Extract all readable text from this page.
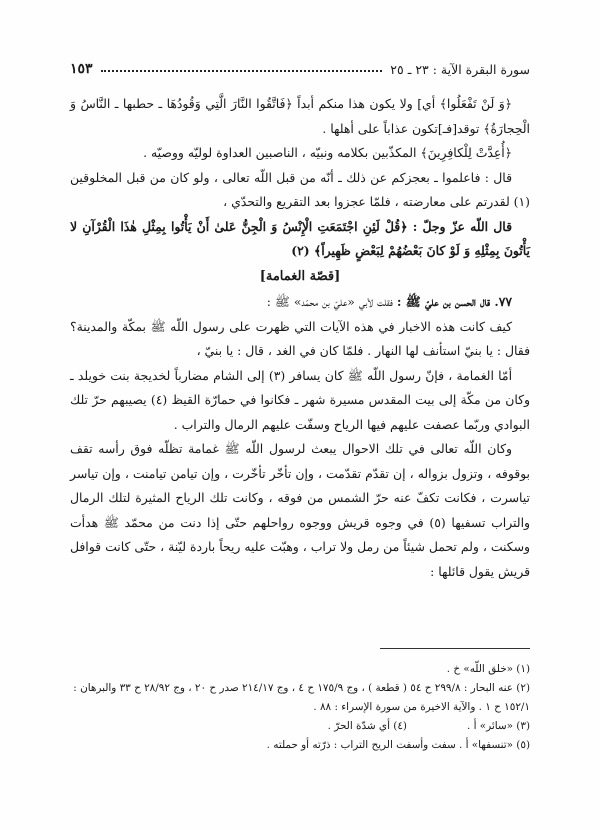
سورة البقرة الآية : ٢٣ ـ ٢٥
١٥٣

﴿وَ لَنْ تَفْعَلُوا﴾ أي] ولا يكون هذا منكم أبداً ﴿فَاتَّقُوا النَّارَ الَّتِي وَقُودُهَا ـ حطبها ـ النَّاسُ وَ الْحِجارَةُ﴾ توقد[فـ]تكون عذاباً على أهلها .

﴿أُعِدَّتْ لِلْكافِرِينَ﴾ المكذّبين بكلامه ونبيّه ، الناصبين العداوة لوليّه ووصيّه .

قال : فاعلموا ـ بعجزكم عن ذلك ـ أنّه من قبل اللّه تعالى ، ولو كان من قبل المخلوقين (١) لقدرتم على معارضته ، فلمّا عجزوا بعد التقريع والتحدّي ،

قال اللّه عزّ وجلّ : ﴿قُلْ لَئِنِ اجْتَمَعَتِ الْإِنْسُ وَ الْجِنُّ عَلىٰ أَنْ يَأْتُوا بِمِثْلِ هٰذَا الْقُرْآنِ لا يَأْتُونَ بِمِثْلِهِ وَ لَوْ كانَ بَعْضُهُمْ لِبَعْضٍ ظَهِيراً﴾ (٢)

[قصّة الغمامة]

٧٧. قال الحسن بن عليّ ﷺ : فقلت لأبي «عليّ بن محمّد» ﷺ :

كيف كانت هذه الاخبار في هذه الآيات التي ظهرت على رسول اللّه ﷺ بمكّة والمدينة؟ فقال : يا بنيّ استأنف لها النهار . فلمّا كان في الغد ، قال : يا بنيّ ،

أمّا الغمامة ، فإنّ رسول اللّه ﷺ كان يسافر (٣) إلى الشام مضارباً لخديجة بنت خويلد ـ وكان من مكّة إلى بيت المقدس مسيرة شهر ـ فكانوا في حمارّة القيظ (٤) يصيبهم حرّ تلك البوادي وربّما عصفت عليهم فيها الرياح وسفّت عليهم الرمال والتراب .

وكان اللّه تعالى في تلك الاحوال يبعث لرسول اللّه ﷺ غمامة تظلّه فوق رأسه تقف بوقوفه ، وتزول بزواله ، إن تقدّم تقدّمت ، وإن تأخّر تأخّرت ، وإن تيامن تيامنت ، وإن تياسر تياسرت ، فكانت تكفّ عنه حرّ الشمس من فوقه ، وكانت تلك الرياح المثيرة لتلك الرمال والتراب تسفيها (٥) في وجوه قريش ووجوه رواحلهم حتّى إذا دنت من محمّد ﷺ هدأت وسكنت ، ولم تحمل شيئاً من رمل ولا تراب ، وهبّت عليه ريحاً باردة ليّنة ، حتّى كانت قوافل قريش يقول قائلها :

(١) «خلق اللّه» خ .

(٢) عنه البحار : ٢٩٩/٨ ح ٥٤ ( قطعة ) ، وج ١٧٥/٩ ح ٤ ، وج ٢١٤/١٧ صدر ح ٢٠ ، وج ٢٨/٩٢ ح ٣٣ والبرهان : ١٥٢/١ ح ١ . والآية الاخيرة من سورة الإسراء : ٨٨ .

(٣) «سائر» أ .
(٤) أي شدّة الحرّ .

(٥) «تنسفها» أ . سفت وأسفت الريح التراب : ذرّته أو حملته .
